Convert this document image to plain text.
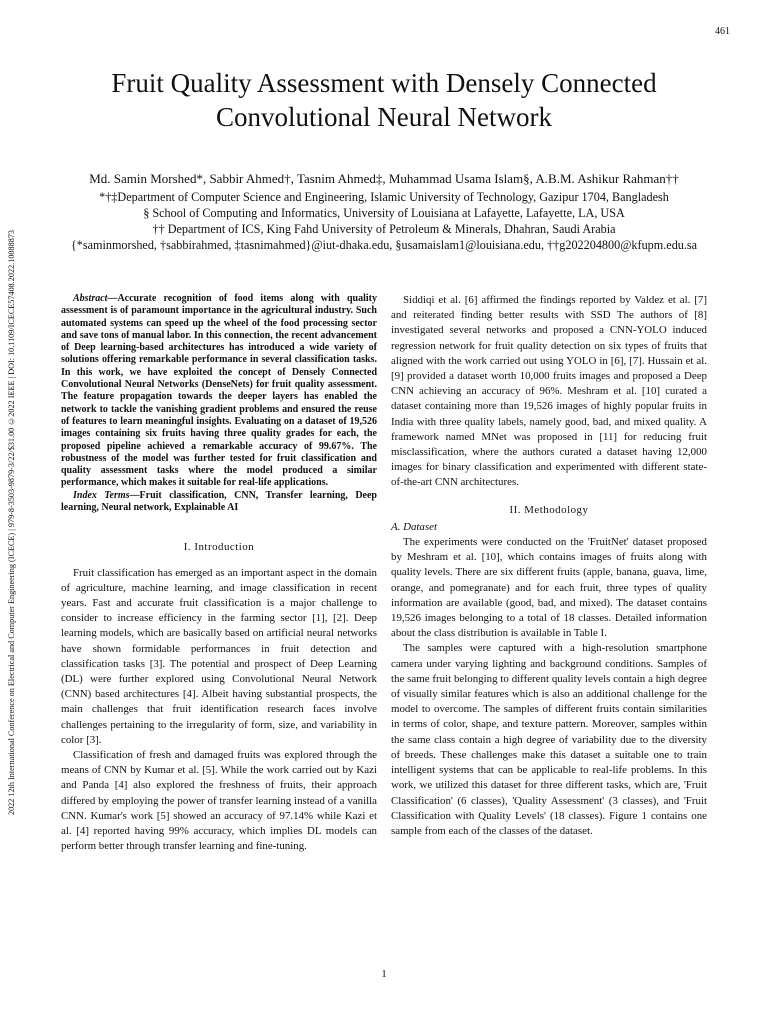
461
2022 12th International Conference on Electrical and Computer Engineering (ICECE) | 979-8-3503-9879-3/22/$31.00 ©2022 IEEE | DOI: 10.1109/ICECE57408.2022.10088873
Fruit Quality Assessment with Densely Connected Convolutional Neural Network
Md. Samin Morshed*, Sabbir Ahmed†, Tasnim Ahmed‡, Muhammad Usama Islam§, A.B.M. Ashikur Rahman††
*†‡Department of Computer Science and Engineering, Islamic University of Technology, Gazipur 1704, Bangladesh
§ School of Computing and Informatics, University of Louisiana at Lafayette, Lafayette, LA, USA
†† Department of ICS, King Fahd University of Petroleum & Minerals, Dhahran, Saudi Arabia
{*saminmorshed, †sabbirahmed, ‡tasnimahmed}@iut-dhaka.edu, §usamaislam1@louisiana.edu, ††g202204800@kfupm.edu.sa

Abstract—Accurate recognition of food items along with quality assessment is of paramount importance in the agricultural industry. Such automated systems can speed up the wheel of the food processing sector and save tons of manual labor. In this connection, the recent advancement of Deep learning-based architectures has introduced a wide variety of solutions offering remarkable performance in several classification tasks. In this work, we have exploited the concept of Densely Connected Convolutional Neural Networks (DenseNets) for fruit quality assessment. The feature propagation towards the deeper layers has enabled the network to tackle the vanishing gradient problems and ensured the reuse of features to learn meaningful insights. Evaluating on a dataset of 19,526 images containing six fruits having three quality grades for each, the proposed pipeline achieved a remarkable accuracy of 99.67%. The robustness of the model was further tested for fruit classification and quality assessment tasks where the model produced a similar performance, which makes it suitable for real-life applications.

Index Terms—Fruit classification, CNN, Transfer learning, Deep learning, Neural network, Explainable AI

I. Introduction

Fruit classification has emerged as an important aspect in the domain of agriculture, machine learning, and image classification in recent years. Fast and accurate fruit classification is a major challenge to consider to increase efficiency in the farming sector [1], [2]. Deep learning models, which are basically based on artificial neural networks have shown formidable performances in fruit detection and classification tasks [3]. The potential and prospect of Deep Learning (DL) were further explored using Convolutional Neural Network (CNN) based architectures [4]. Albeit having substantial prospects, the main challenges that fruit identification research faces involve challenges pertaining to the irregularity of form, size, and variability in color [3].

Classification of fresh and damaged fruits was explored through the means of CNN by Kumar et al. [5]. While the work carried out by Kazi and Panda [4] also explored the freshness of fruits, their approach differed by employing the power of transfer learning instead of a vanilla CNN. Kumar's work [5] showed an accuracy of 97.14% while Kazi et al. [4] reported having 99% accuracy, which implies DL models can perform better through transfer learning and fine-tuning.

Siddiqi et al. [6] affirmed the findings reported by Valdez et al. [7] and reiterated finding better results with SSD The authors of [8] investigated several networks and proposed a CNN-YOLO induced regression network for fruit quality detection on six types of fruits that aligned with the work carried out using YOLO in [6], [7]. Hussain et al. [9] provided a dataset worth 10,000 fruits images and proposed a Deep CNN achieving an accuracy of 96%. Meshram et al. [10] curated a dataset containing more than 19,526 images of highly popular fruits in India with three quality labels, namely good, bad, and mixed quality. A framework named MNet was proposed in [11] for reducing fruit misclassification, where the authors curated a dataset having 12,000 images for binary classification and experimented with different state-of-the-art CNN architectures.

II. Methodology
A. Dataset

The experiments were conducted on the 'FruitNet' dataset proposed by Meshram et al. [10], which contains images of fruits along with quality levels. There are six different fruits (apple, banana, guava, lime, orange, and pomegranate) and for each fruit, three types of quality information are available (good, bad, and mixed). The dataset contains 19,526 images belonging to a total of 18 classes. Detailed information about the class distribution is available in Table I.

The samples were captured with a high-resolution smartphone camera under varying lighting and background conditions. Samples of the same fruit belonging to different quality levels contain a high degree of visually similar features which is also an additional challenge for the model to overcome. The samples of different fruits contain similarities in terms of color, shape, and texture pattern. Moreover, samples within the same class contain a high degree of variability due to the diversity of breeds. These challenges make this dataset a suitable one to train intelligent systems that can be applicable to real-life problems. In this work, we utilized this dataset for three different tasks, which are, 'Fruit Classification' (6 classes), 'Quality Assessment' (3 classes), and 'Fruit Classification with Quality Levels' (18 classes). Figure 1 contains one sample from each of the classes of the dataset.

1
